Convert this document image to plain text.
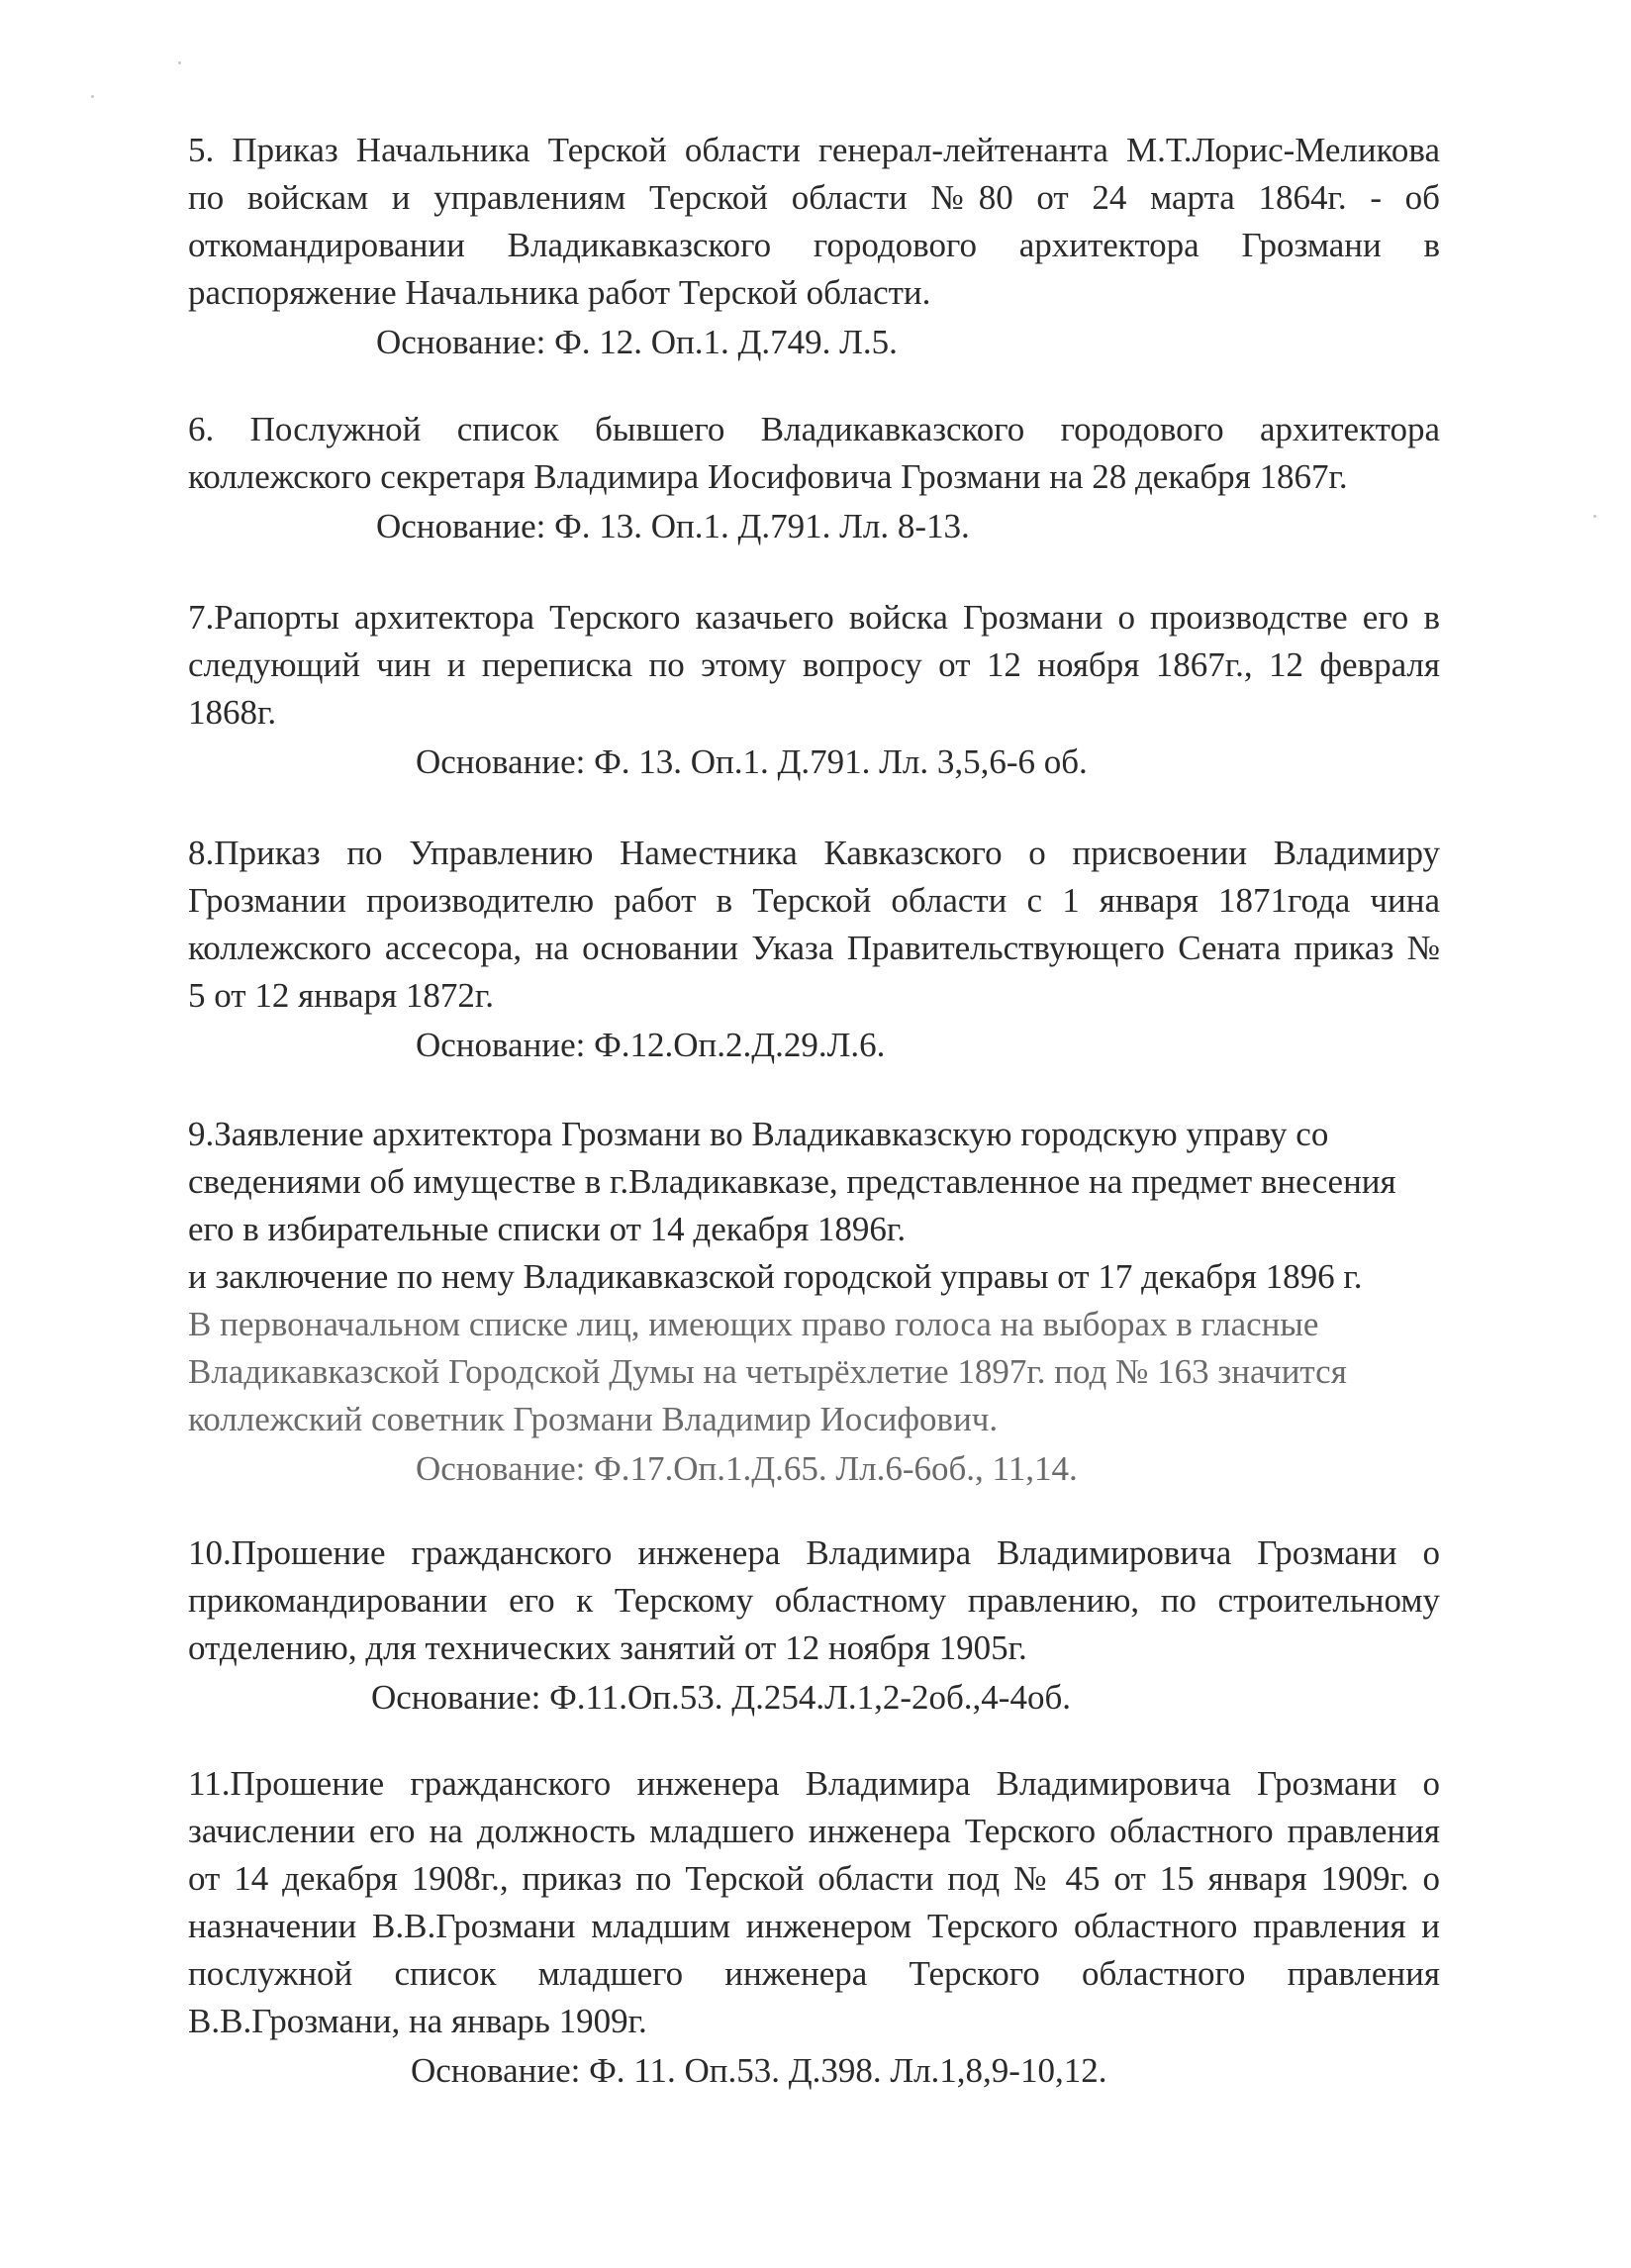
5. Приказ Начальника Терской области генерал-лейтенанта М.Т.Лорис-Меликова
по войскам и управлениям Терской области №80 от 24 марта 1864г. - об
откомандировании Владикавказского городового архитектора Грозмани в
распоряжение Начальника работ Терской области.
Основание: Ф. 12. Оп.1. Д.749. Л.5.
6. Послужной список бывшего Владикавказского городового архитектора
коллежского секретаря Владимира Иосифовича Грозмани на 28 декабря 1867г.
Основание: Ф. 13. Оп.1. Д.791. Лл. 8-13.
7.Рапорты архитектора Терского казачьего войска Грозмани о производстве его в
следующий чин и переписка по этому вопросу от 12 ноября 1867г., 12 февраля
1868г.
Основание: Ф. 13. Оп.1. Д.791. Лл. 3,5,6-6 об.
8.Приказ по Управлению Наместника Кавказского о присвоении Владимиру
Грозмании производителю работ в Терской области с 1 января 1871года чина
коллежского ассесора, на основании Указа Правительствующего Сената приказ №
5 от 12 января 1872г.
Основание: Ф.12.Оп.2.Д.29.Л.6.
9.Заявление архитектора Грозмани во Владикавказскую городскую управу со
сведениями об имуществе в г.Владикавказе, представленное на предмет внесения
его в избирательные списки от 14 декабря 1896г.
и заключение по нему Владикавказской городской управы от 17 декабря 1896 г.
В первоначальном списке лиц, имеющих право голоса на выборах в гласные
Владикавказской Городской Думы на четырёхлетие 1897г. под № 163 значится
коллежский советник Грозмани Владимир Иосифович.
Основание: Ф.17.Оп.1.Д.65. Лл.6-6об., 11,14.
10.Прошение гражданского инженера Владимира Владимировича Грозмани о
прикомандировании его к Терскому областному правлению, по строительному
отделению, для технических занятий от 12 ноября 1905г.
Основание: Ф.11.Оп.53. Д.254.Л.1,2-2об.,4-4об.
11.Прошение гражданского инженера Владимира Владимировича Грозмани о
зачислении его на должность младшего инженера Терского областного правления
от 14 декабря 1908г., приказ по Терской области под № 45 от 15 января 1909г. о
назначении В.В.Грозмани младшим инженером Терского областного правления и
послужной список младшего инженера Терского областного правления
В.В.Грозмани, на январь 1909г.
Основание: Ф. 11. Оп.53. Д.398. Лл.1,8,9-10,12.
